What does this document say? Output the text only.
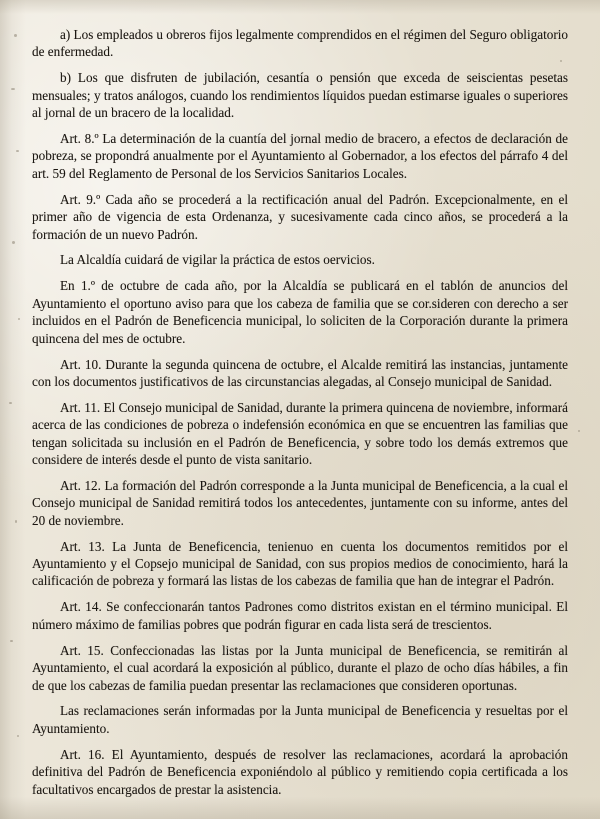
a) Los empleados u obreros fijos legalmente comprendidos en el régimen del Seguro obligatorio de enfermedad.

b) Los que disfruten de jubilación, cesantía o pensión que exceda de seiscientas pesetas mensuales; y tratos análogos, cuando los rendimientos líquidos puedan estimarse iguales o superiores al jornal de un bracero de la localidad.

Art. 8.º La determinación de la cuantía del jornal medio de bracero, a efectos de declaración de pobreza, se propondrá anualmente por el Ayuntamiento al Gobernador, a los efectos del párrafo 4 del art. 59 del Reglamento de Personal de los Servicios Sanitarios Locales.

Art. 9.º Cada año se procederá a la rectificación anual del Padrón. Excepcionalmente, en el primer año de vigencia de esta Ordenanza, y sucesivamente cada cinco años, se procederá a la formación de un nuevo Padrón.

La Alcaldía cuidará de vigilar la práctica de estos oervicios.

En 1.º de octubre de cada año, por la Alcaldía se publicará en el tablón de anuncios del Ayuntamiento el oportuno aviso para que los cabeza de familia que se cor.sideren con derecho a ser incluidos en el Padrón de Beneficencia municipal, lo soliciten de la Corporación durante la primera quincena del mes de octubre.

Art. 10. Durante la segunda quincena de octubre, el Alcalde remitirá las instancias, juntamente con los documentos justificativos de las circunstancias alegadas, al Consejo municipal de Sanidad.

Art. 11. El Consejo municipal de Sanidad, durante la primera quincena de noviembre, informará acerca de las condiciones de pobreza o indefensión económica en que se encuentren las familias que tengan solicitada su inclusión en el Padrón de Beneficencia, y sobre todo los demás extremos que considere de interés desde el punto de vista sanitario.

Art. 12. La formación del Padrón corresponde a la Junta municipal de Beneficencia, a la cual el Consejo municipal de Sanidad remitirá todos los antecedentes, juntamente con su informe, antes del 20 de noviembre.

Art. 13. La Junta de Beneficencia, tenienuo en cuenta los documentos remitidos por el Ayuntamiento y el Copsejo municipal de Sanidad, con sus propios medios de conocimiento, hará la calificación de pobreza y formará las listas de los cabezas de familia que han de integrar el Padrón.

Art. 14. Se confeccionarán tantos Padrones como distritos existan en el término municipal. El número máximo de familias pobres que podrán figurar en cada lista será de trescientos.

Art. 15. Confeccionadas las listas por la Junta municipal de Beneficencia, se remitirán al Ayuntamiento, el cual acordará la exposición al público, durante el plazo de ocho días hábiles, a fin de que los cabezas de familia puedan presentar las reclamaciones que consideren oportunas.

Las reclamaciones serán informadas por la Junta municipal de Beneficencia y resueltas por el Ayuntamiento.

Art. 16. El Ayuntamiento, después de resolver las reclamaciones, acordará la aprobación definitiva del Padrón de Beneficencia exponiéndolo al público y remitiendo copia certificada a los facultativos encargados de prestar la asistencia.
